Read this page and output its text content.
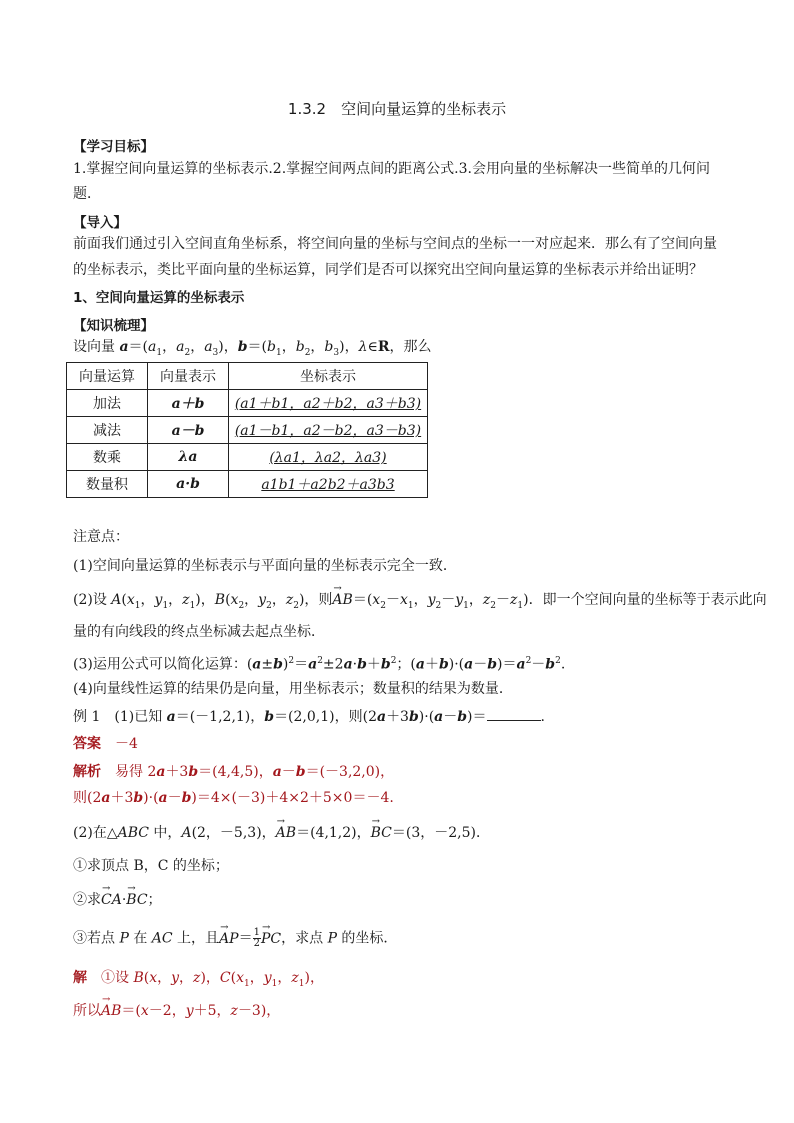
1.3.2　空间向量运算的坐标表示
【学习目标】
1.掌握空间向量运算的坐标表示.2.掌握空间两点间的距离公式.3.会用向量的坐标解决一些简单的几何问
题．
【导入】
前面我们通过引入空间直角坐标系，将空间向量的坐标与空间点的坐标一一对应起来．那么有了空间向量
的坐标表示，类比平面向量的坐标运算，同学们是否可以探究出空间向量运算的坐标表示并给出证明？
1、空间向量运算的坐标表示
【知识梳理】
设向量 $a=(a_1$，$a_2$，$a_3$)，$b=(b_1$，$b_2$，$b_3$)，λ∈R，那么
向量运算	向量表示	坐标表示
加法	a＋b	(a1＋b1，a2＋b2，a3＋b3)
减法	a－b	(a1－b1，a2－b2，a3－b3)
数乘	λa	(λa1，λa2，λa3)
数量积	a·b	a1b1＋a2b2＋a3b3
注意点：
(1)空间向量运算的坐标表示与平面向量的坐标表示完全一致．
(2)设 $A(x_1$，$y_1$，$z_1$)，$B(x_2$，$y_2$，$z_2$)，则→ $AB=(x_2-x_1$，$y_2-y_1$，$z_2-z_1$)．即一个空间向量的坐标等于表示此向
量的有向线段的终点坐标减去起点坐标．
(3)运用公式可以简化运算：$(a\pm b)^2=a^2\pm 2a\cdot b+b^2$；$(a+b)\cdot(a-b)=a^2-b^2$.
(4)向量线性运算的结果仍是向量，用坐标表示；数量积的结果为数量．
例 1　(1)已知 a＝(－1,2,1)，b＝(2,0,1)，则(2a＋3b)·(a－b)＝	.
答案　 －4
解析　易得 2a＋3b＝(4,4,5)，a－b＝(－3,2,0)，
则(2a＋3b)·(a－b)＝4×(－3)＋4×2＋5×0＝－4.
(2)在△ABC 中，A(2，－5,3)，→ AB＝(4,1,2)，→ BC＝(3，－2,5)．
①求顶点 B，C 的坐标；
②求→ CA·→ BC；
③若点 P 在 AC 上，且→ $AP= \frac{1}{2}$ → PC，求点 P 的坐标．
解　①设 B(x，y，z)，$C(x_1$，$y_1$，$z_1$)，
所以→ AB＝(x－2，y＋5，z－3)，
